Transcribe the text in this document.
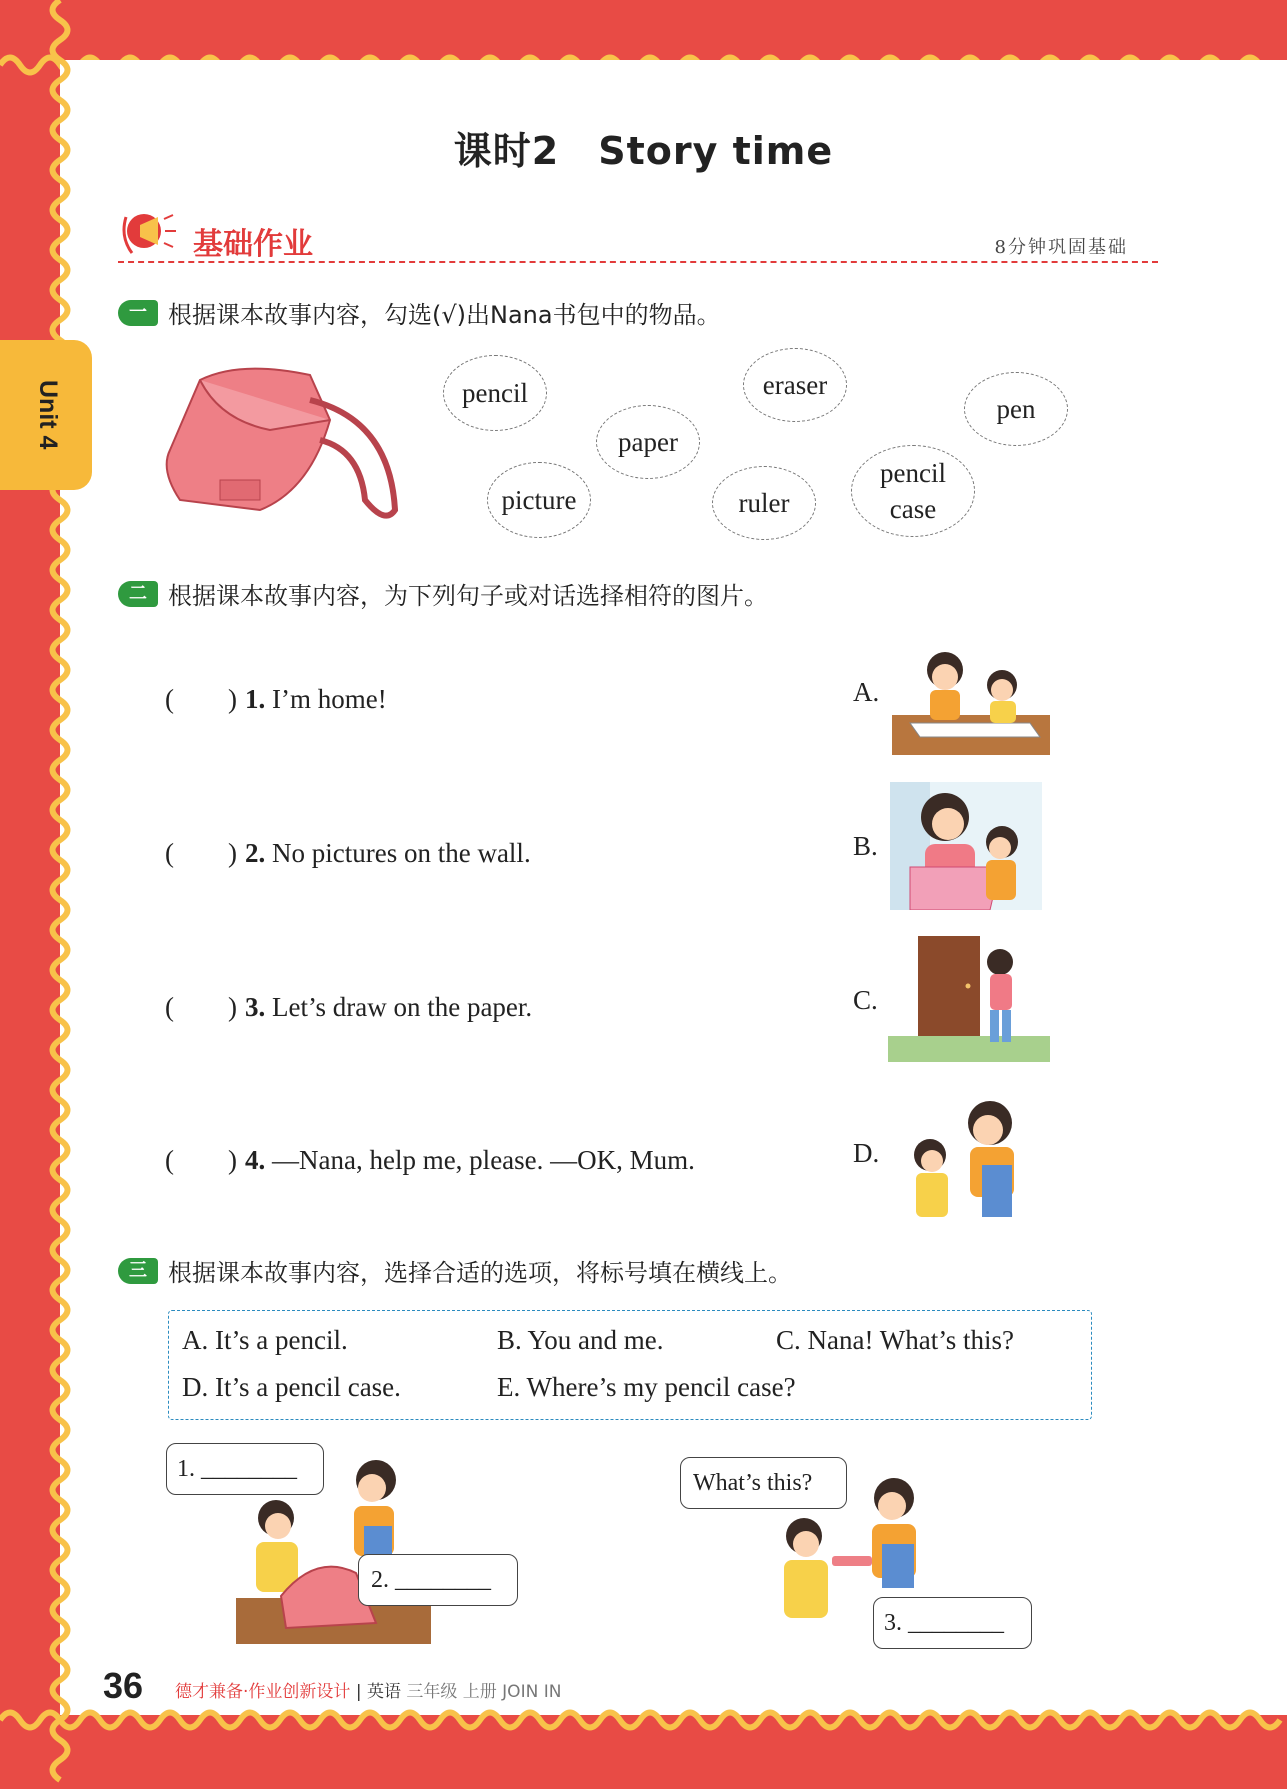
Unit 4
课时2　Story time
基础作业	8分钟巩固基础
一 根据课本故事内容，勾选(√)出Nana书包中的物品。
pencil
paper
eraser
pen
picture	ruler
pencil case
二 根据课本故事内容，为下列句子或对话选择相符的图片。
(　　) 1. I’m home!
(　　) 2. No pictures on the wall.
(　　) 3. Let’s draw on the paper.
(　　) 4. —Nana, help me, please. —OK, Mum.
A.
B.
C.
D.
三 根据课本故事内容，选择合适的选项，将标号填在横线上。
A. It’s a pencil.	B. You and me.	C. Nana! What’s this?
D. It’s a pencil case.	E. Where’s my pencil case?
1. ________
2. ________
What’s this?
3. ________
36 德才兼备·作业创新设计 | 英语 三年级 上册 JOIN IN
